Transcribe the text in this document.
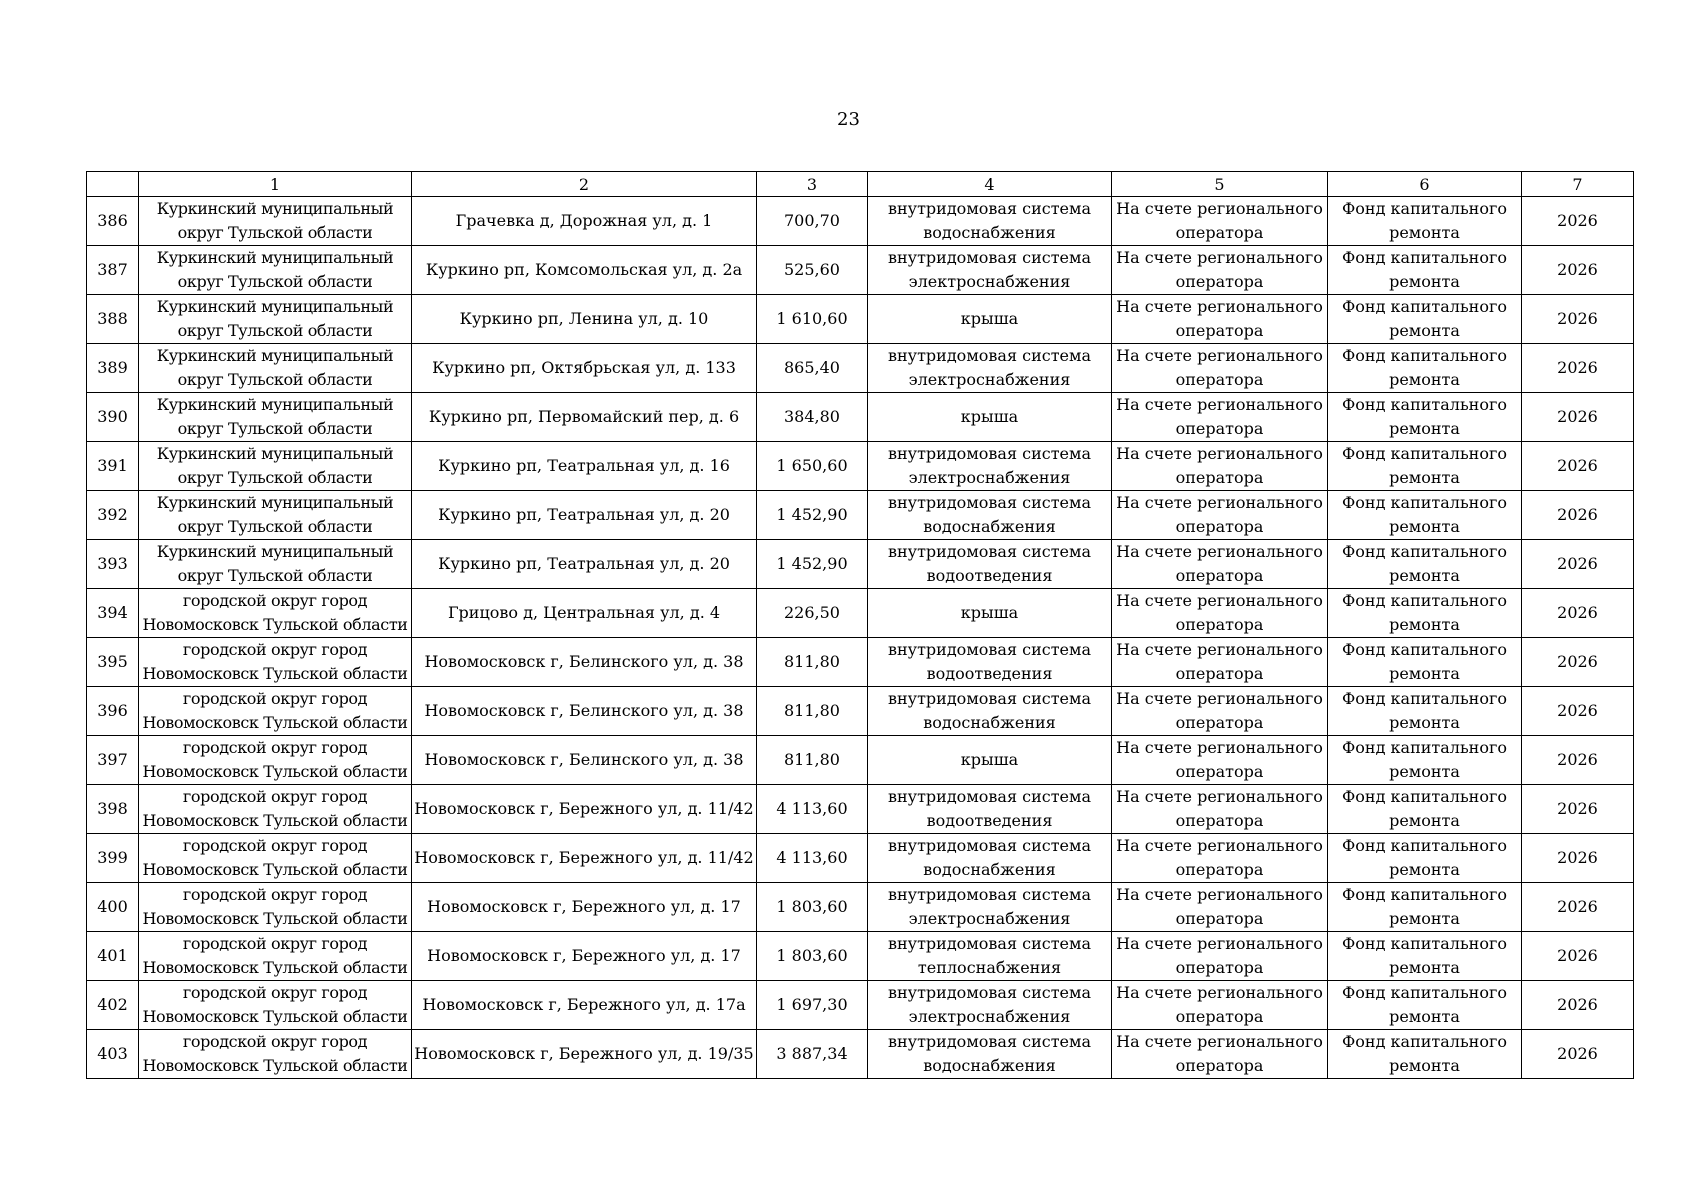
23
	1	2	3	4	5	6	7
386	Куркинский муниципальный
округ Тульской области	Грачевка д, Дорожная ул, д. 1	700,70	внутридомовая система
водоснабжения	На счете регионального
оператора	Фонд капитального
ремонта	2026
387	Куркинский муниципальный
округ Тульской области	Куркино рп, Комсомольская ул, д. 2а	525,60	внутридомовая система
электроснабжения	На счете регионального
оператора	Фонд капитального
ремонта	2026
388	Куркинский муниципальный
округ Тульской области	Куркино рп, Ленина ул, д. 10	1 610,60	крыша	На счете регионального
оператора	Фонд капитального
ремонта	2026
389	Куркинский муниципальный
округ Тульской области	Куркино рп, Октябрьская ул, д. 133	865,40	внутридомовая система
электроснабжения	На счете регионального
оператора	Фонд капитального
ремонта	2026
390	Куркинский муниципальный
округ Тульской области	Куркино рп, Первомайский пер, д. 6	384,80	крыша	На счете регионального
оператора	Фонд капитального
ремонта	2026
391	Куркинский муниципальный
округ Тульской области	Куркино рп, Театральная ул, д. 16	1 650,60	внутридомовая система
электроснабжения	На счете регионального
оператора	Фонд капитального
ремонта	2026
392	Куркинский муниципальный
округ Тульской области	Куркино рп, Театральная ул, д. 20	1 452,90	внутридомовая система
водоснабжения	На счете регионального
оператора	Фонд капитального
ремонта	2026
393	Куркинский муниципальный
округ Тульской области	Куркино рп, Театральная ул, д. 20	1 452,90	внутридомовая система
водоотведения	На счете регионального
оператора	Фонд капитального
ремонта	2026
394	городской округ город
Новомосковск Тульской области	Грицово д, Центральная ул, д. 4	226,50	крыша	На счете регионального
оператора	Фонд капитального
ремонта	2026
395	городской округ город
Новомосковск Тульской области	Новомосковск г, Белинского ул, д. 38	811,80	внутридомовая система
водоотведения	На счете регионального
оператора	Фонд капитального
ремонта	2026
396	городской округ город
Новомосковск Тульской области	Новомосковск г, Белинского ул, д. 38	811,80	внутридомовая система
водоснабжения	На счете регионального
оператора	Фонд капитального
ремонта	2026
397	городской округ город
Новомосковск Тульской области	Новомосковск г, Белинского ул, д. 38	811,80	крыша	На счете регионального
оператора	Фонд капитального
ремонта	2026
398	городской округ город
Новомосковск Тульской области	Новомосковск г, Бережного ул, д. 11/42	4 113,60	внутридомовая система
водоотведения	На счете регионального
оператора	Фонд капитального
ремонта	2026
399	городской округ город
Новомосковск Тульской области	Новомосковск г, Бережного ул, д. 11/42	4 113,60	внутридомовая система
водоснабжения	На счете регионального
оператора	Фонд капитального
ремонта	2026
400	городской округ город
Новомосковск Тульской области	Новомосковск г, Бережного ул, д. 17	1 803,60	внутридомовая система
электроснабжения	На счете регионального
оператора	Фонд капитального
ремонта	2026
401	городской округ город
Новомосковск Тульской области	Новомосковск г, Бережного ул, д. 17	1 803,60	внутридомовая система
теплоснабжения	На счете регионального
оператора	Фонд капитального
ремонта	2026
402	городской округ город
Новомосковск Тульской области	Новомосковск г, Бережного ул, д. 17а	1 697,30	внутридомовая система
электроснабжения	На счете регионального
оператора	Фонд капитального
ремонта	2026
403	городской округ город
Новомосковск Тульской области	Новомосковск г, Бережного ул, д. 19/35	3 887,34	внутридомовая система
водоснабжения	На счете регионального
оператора	Фонд капитального
ремонта	2026
